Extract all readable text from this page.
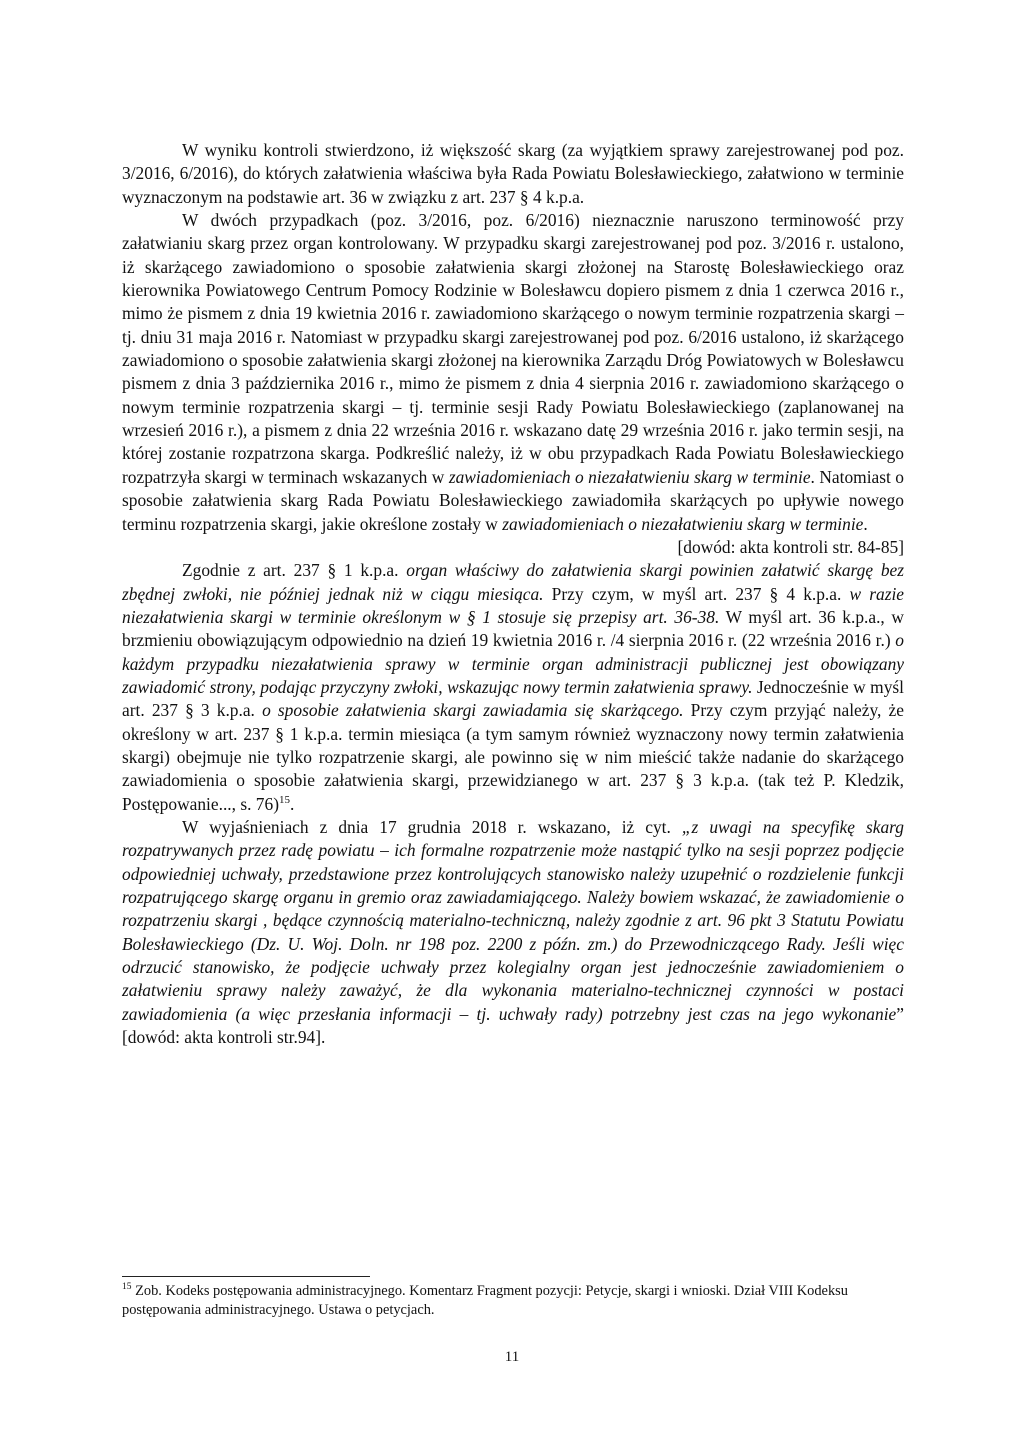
W wyniku kontroli stwierdzono, iż większość skarg (za wyjątkiem sprawy zarejestrowanej pod poz. 3/2016, 6/2016), do których załatwienia właściwa była Rada Powiatu Bolesławieckiego, załatwiono w terminie wyznaczonym na podstawie art. 36 w związku z art. 237 § 4 k.p.a.

W dwóch przypadkach (poz. 3/2016, poz. 6/2016) nieznacznie naruszono terminowość przy załatwianiu skarg przez organ kontrolowany. W przypadku skargi zarejestrowanej pod poz. 3/2016 r. ustalono, iż skarżącego zawiadomiono o sposobie załatwienia skargi złożonej na Starostę Bolesławieckiego oraz kierownika Powiatowego Centrum Pomocy Rodzinie w Bolesławcu dopiero pismem z dnia 1 czerwca 2016 r., mimo że pismem z dnia 19 kwietnia 2016 r. zawiadomiono skarżącego o nowym terminie rozpatrzenia skargi – tj. dniu 31 maja 2016 r. Natomiast w przypadku skargi zarejestrowanej pod poz. 6/2016 ustalono, iż skarżącego zawiadomiono o sposobie załatwienia skargi złożonej na kierownika Zarządu Dróg Powiatowych w Bolesławcu pismem z dnia 3 października 2016 r., mimo że pismem z dnia 4 sierpnia 2016 r. zawiadomiono skarżącego o nowym terminie rozpatrzenia skargi – tj. terminie sesji Rady Powiatu Bolesławieckiego (zaplanowanej na wrzesień 2016 r.), a pismem z dnia 22 września 2016 r. wskazano datę 29 września 2016 r. jako termin sesji, na której zostanie rozpatrzona skarga. Podkreślić należy, iż w obu przypadkach Rada Powiatu Bolesławieckiego rozpatrzyła skargi w terminach wskazanych w zawiadomieniach o niezałatwieniu skarg w terminie. Natomiast o sposobie załatwienia skarg Rada Powiatu Bolesławieckiego zawiadomiła skarżących po upływie nowego terminu rozpatrzenia skargi, jakie określone zostały w zawiadomieniach o niezałatwieniu skarg w terminie.

[dowód: akta kontroli str. 84-85]

Zgodnie z art. 237 § 1 k.p.a. organ właściwy do załatwienia skargi powinien załatwić skargę bez zbędnej zwłoki, nie później jednak niż w ciągu miesiąca. Przy czym, w myśl art. 237 § 4 k.p.a. w razie niezałatwienia skargi w terminie określonym w § 1 stosuje się przepisy art. 36-38. W myśl art. 36 k.p.a., w brzmieniu obowiązującym odpowiednio na dzień 19 kwietnia 2016 r. /4 sierpnia 2016 r. (22 września 2016 r.) o każdym przypadku niezałatwienia sprawy w terminie organ administracji publicznej jest obowiązany zawiadomić strony, podając przyczyny zwłoki, wskazując nowy termin załatwienia sprawy. Jednocześnie w myśl art. 237 § 3 k.p.a. o sposobie załatwienia skargi zawiadamia się skarżącego. Przy czym przyjąć należy, że określony w art. 237 § 1 k.p.a. termin miesiąca (a tym samym również wyznaczony nowy termin załatwienia skargi) obejmuje nie tylko rozpatrzenie skargi, ale powinno się w nim mieścić także nadanie do skarżącego zawiadomienia o sposobie załatwienia skargi, przewidzianego w art. 237 § 3 k.p.a. (tak też P. Kledzik, Postępowanie..., s. 76)$^{15}$.

W wyjaśnieniach z dnia 17 grudnia 2018 r. wskazano, iż cyt. „z uwagi na specyfikę skarg rozpatrywanych przez radę powiatu – ich formalne rozpatrzenie może nastąpić tylko na sesji poprzez podjęcie odpowiedniej uchwały, przedstawione przez kontrolujących stanowisko należy uzupełnić o rozdzielenie funkcji rozpatrującego skargę organu in gremio oraz zawiadamiającego. Należy bowiem wskazać, że zawiadomienie o rozpatrzeniu skargi , będące czynnością materialno-techniczną, należy zgodnie z art. 96 pkt 3 Statutu Powiatu Bolesławieckiego (Dz. U. Woj. Doln. nr 198 poz. 2200 z późn. zm.) do Przewodniczącego Rady. Jeśli więc odrzucić stanowisko, że podjęcie uchwały przez kolegialny organ jest jednocześnie zawiadomieniem o załatwieniu sprawy należy zaważyć, że dla wykonania materialno-technicznej czynności w postaci zawiadomienia (a więc przesłania informacji – tj. uchwały rady) potrzebny jest czas na jego wykonanie” [dowód: akta kontroli str.94].

$^{15}$ Zob. Kodeks postępowania administracyjnego. Komentarz Fragment pozycji: Petycje, skargi i wnioski. Dział VIII Kodeksu postępowania administracyjnego. Ustawa o petycjach.

11
